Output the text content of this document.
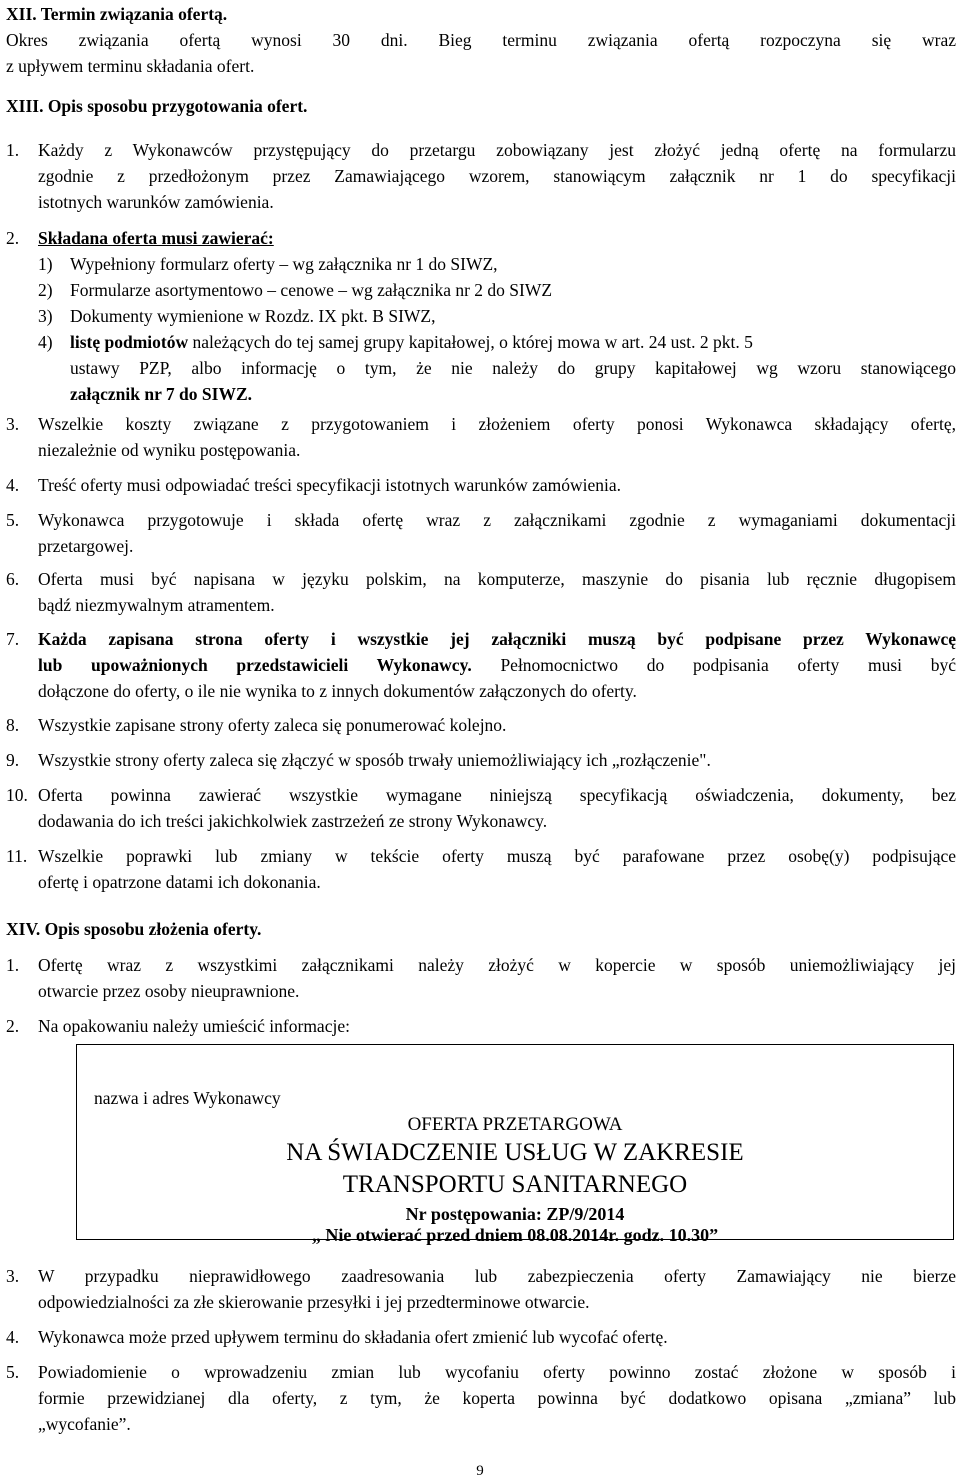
XII. Termin związania ofertą.
Okres związania ofertą wynosi 30 dni. Bieg terminu związania ofertą rozpoczyna się wraz
z upływem terminu składania ofert.
XIII. Opis sposobu przygotowania ofert.
1. Każdy z Wykonawców przystępujący do przetargu zobowiązany jest złożyć jedną ofertę na formularzu
zgodnie z przedłożonym przez Zamawiającego wzorem, stanowiącym załącznik nr 1 do specyfikacji
istotnych warunków zamówienia.
2. Składana oferta musi zawierać:
1) Wypełniony formularz oferty – wg załącznika nr 1 do SIWZ,
2) Formularze asortymentowo – cenowe – wg załącznika nr 2 do SIWZ
3) Dokumenty wymienione w Rozdz. IX pkt. B SIWZ,
4) listę podmiotów należących do tej samej grupy kapitałowej, o której mowa w art. 24 ust. 2 pkt. 5
ustawy PZP, albo informację o tym, że nie należy do grupy kapitałowej wg wzoru stanowiącego
załącznik nr 7 do SIWZ.
3. Wszelkie koszty związane z przygotowaniem i złożeniem oferty ponosi Wykonawca składający ofertę,
niezależnie od wyniku postępowania.
4. Treść oferty musi odpowiadać treści specyfikacji istotnych warunków zamówienia.
5. Wykonawca przygotowuje i składa ofertę wraz z załącznikami zgodnie z wymaganiami dokumentacji
przetargowej.
6. Oferta musi być napisana w języku polskim, na komputerze, maszynie do pisania lub ręcznie długopisem
bądź niezmywalnym atramentem.
7. Każda zapisana strona oferty i wszystkie jej załączniki muszą być podpisane przez Wykonawcę
lub upoważnionych przedstawicieli Wykonawcy. Pełnomocnictwo do podpisania oferty musi być
dołączone do oferty, o ile nie wynika to z innych dokumentów załączonych do oferty.
8. Wszystkie zapisane strony oferty zaleca się ponumerować kolejno.
9. Wszystkie strony oferty zaleca się złączyć w sposób trwały uniemożliwiający ich „rozłączenie".
10. Oferta powinna zawierać wszystkie wymagane niniejszą specyfikacją oświadczenia, dokumenty, bez
dodawania do ich treści jakichkolwiek zastrzeżeń ze strony Wykonawcy.
11. Wszelkie poprawki lub zmiany w tekście oferty muszą być parafowane przez osobę(y) podpisujące
ofertę i opatrzone datami ich dokonania.
XIV. Opis sposobu złożenia oferty.
1. Ofertę wraz z wszystkimi załącznikami należy złożyć w kopercie w sposób uniemożliwiający jej
otwarcie przez osoby nieuprawnione.
2. Na opakowaniu należy umieścić informacje:
nazwa i adres Wykonawcy
OFERTA PRZETARGOWA
NA ŚWIADCZENIE USŁUG W ZAKRESIE
TRANSPORTU SANITARNEGO
Nr postępowania: ZP/9/2014
„ Nie otwierać przed dniem 08.08.2014r. godz. 10.30”
3. W przypadku nieprawidłowego zaadresowania lub zabezpieczenia oferty Zamawiający nie bierze
odpowiedzialności za złe skierowanie przesyłki i jej przedterminowe otwarcie.
4. Wykonawca może przed upływem terminu do składania ofert zmienić lub wycofać ofertę.
5. Powiadomienie o wprowadzeniu zmian lub wycofaniu oferty powinno zostać złożone w sposób i
formie przewidzianej dla oferty, z tym, że koperta powinna być dodatkowo opisana „zmiana” lub
„wycofanie”.
9
